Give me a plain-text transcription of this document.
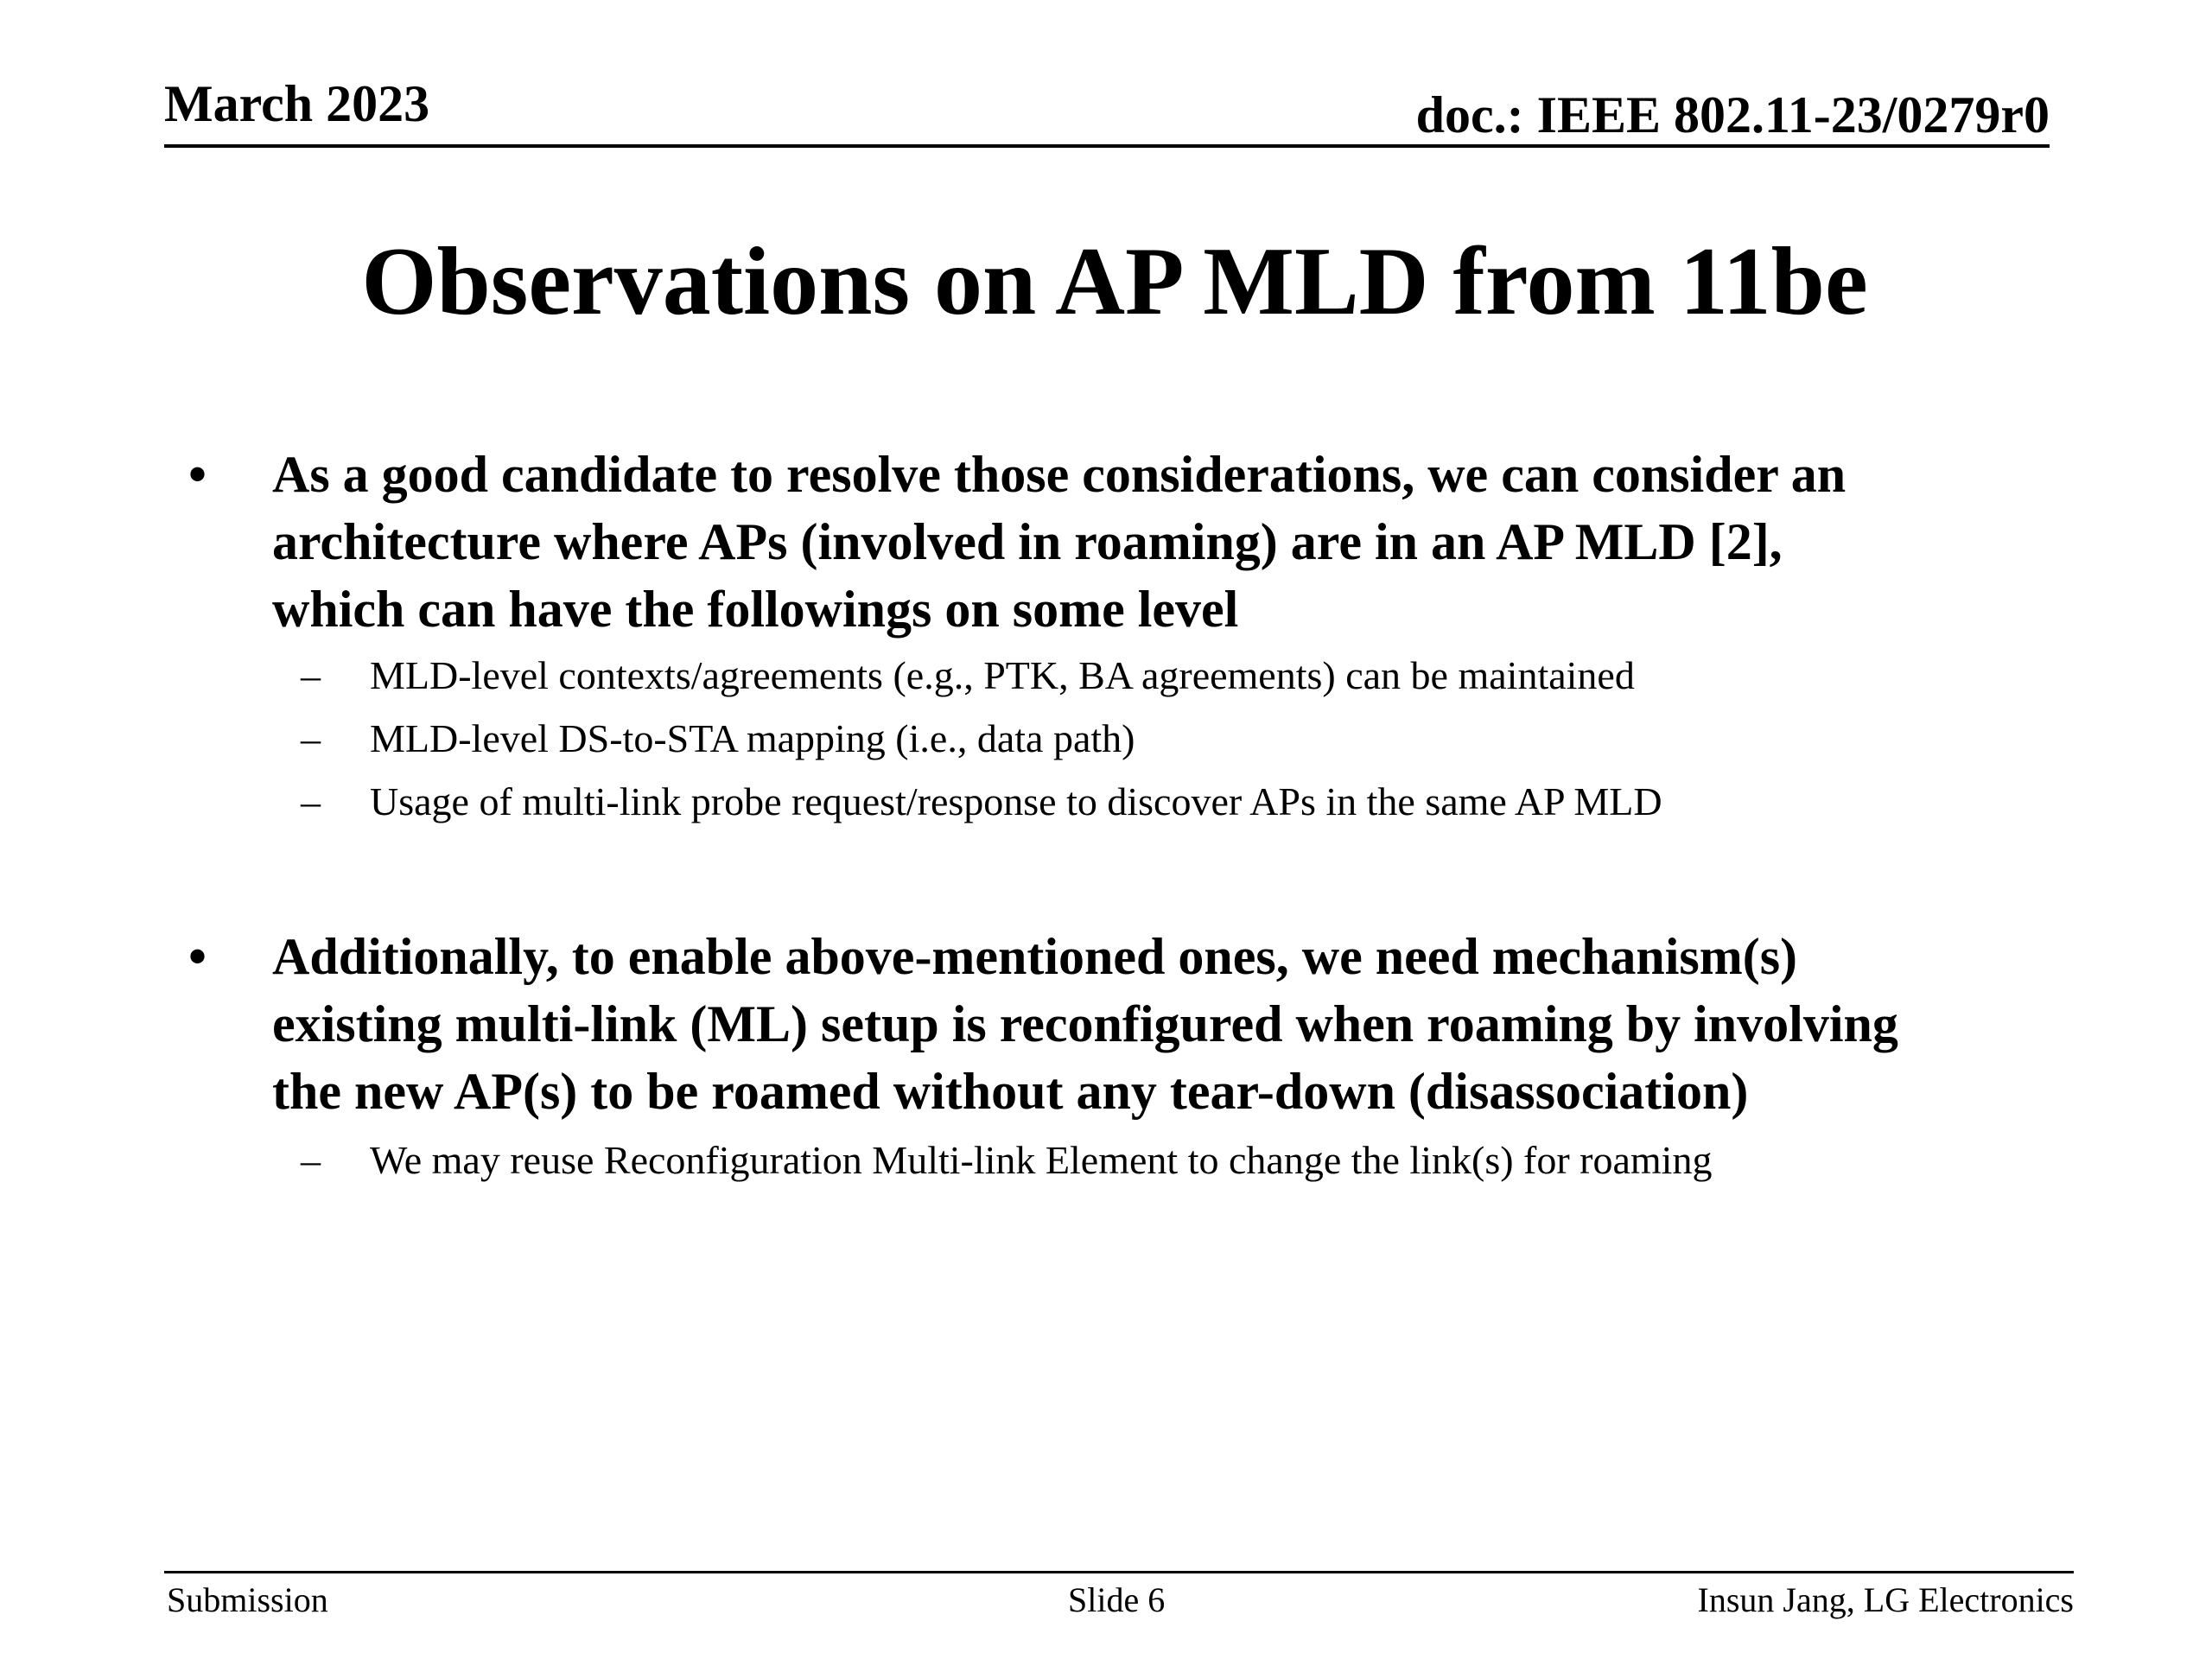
March 2023	doc.: IEEE 802.11-23/0279r0
Observations on AP MLD from 11be
• As a good candidate to resolve those considerations, we can consider an
architecture where APs (involved in roaming) are in an AP MLD [2],
which can have the followings on some level
– MLD-level contexts/agreements (e.g., PTK, BA agreements) can be maintained
– MLD-level DS-to-STA mapping (i.e., data path)
– Usage of multi-link probe request/response to discover APs in the same AP MLD
• Additionally, to enable above-mentioned ones, we need mechanism(s)
existing multi-link (ML) setup is reconfigured when roaming by involving
the new AP(s) to be roamed without any tear-down (disassociation)
– We may reuse Reconfiguration Multi-link Element to change the link(s) for roaming
Submission	Slide 6	Insun Jang, LG Electronics
